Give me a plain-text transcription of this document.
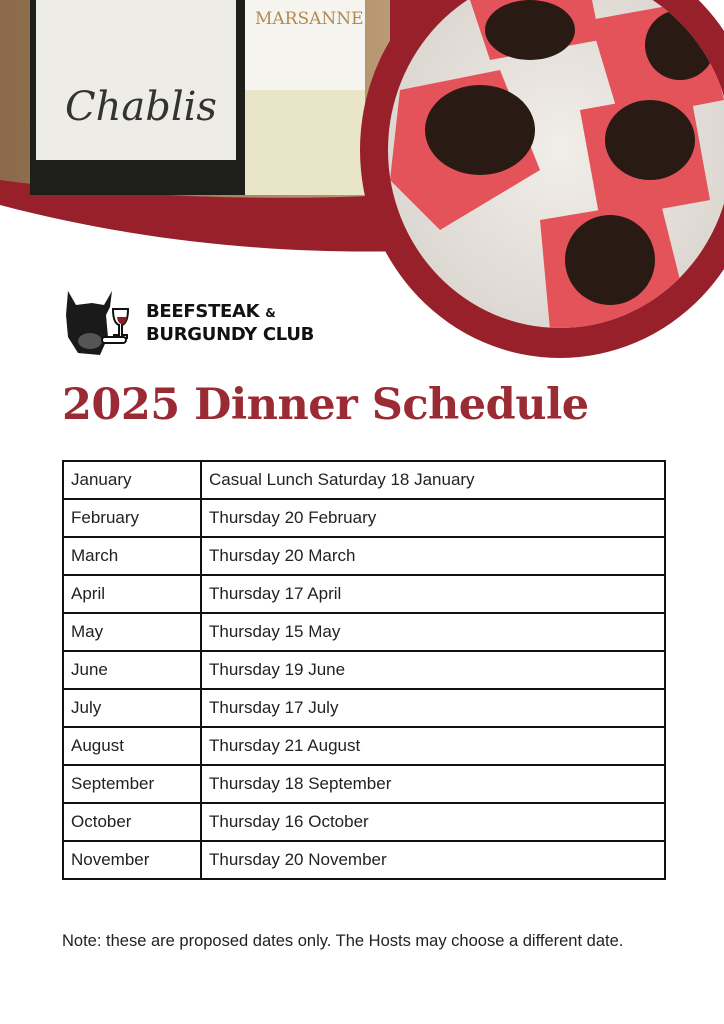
Chablis
MARSANNE
BEEFSTEAK &
BURGUNDY CLUB
2025 Dinner Schedule
January	Casual Lunch Saturday 18 January
February	Thursday 20 February
March	Thursday 20 March
April	Thursday 17 April
May	Thursday 15 May
June	Thursday 19 June
July	Thursday 17 July
August	Thursday 21 August
September	Thursday 18 September
October	Thursday 16 October
November	Thursday 20 November
Note: these are proposed dates only. The Hosts may choose a different date.
